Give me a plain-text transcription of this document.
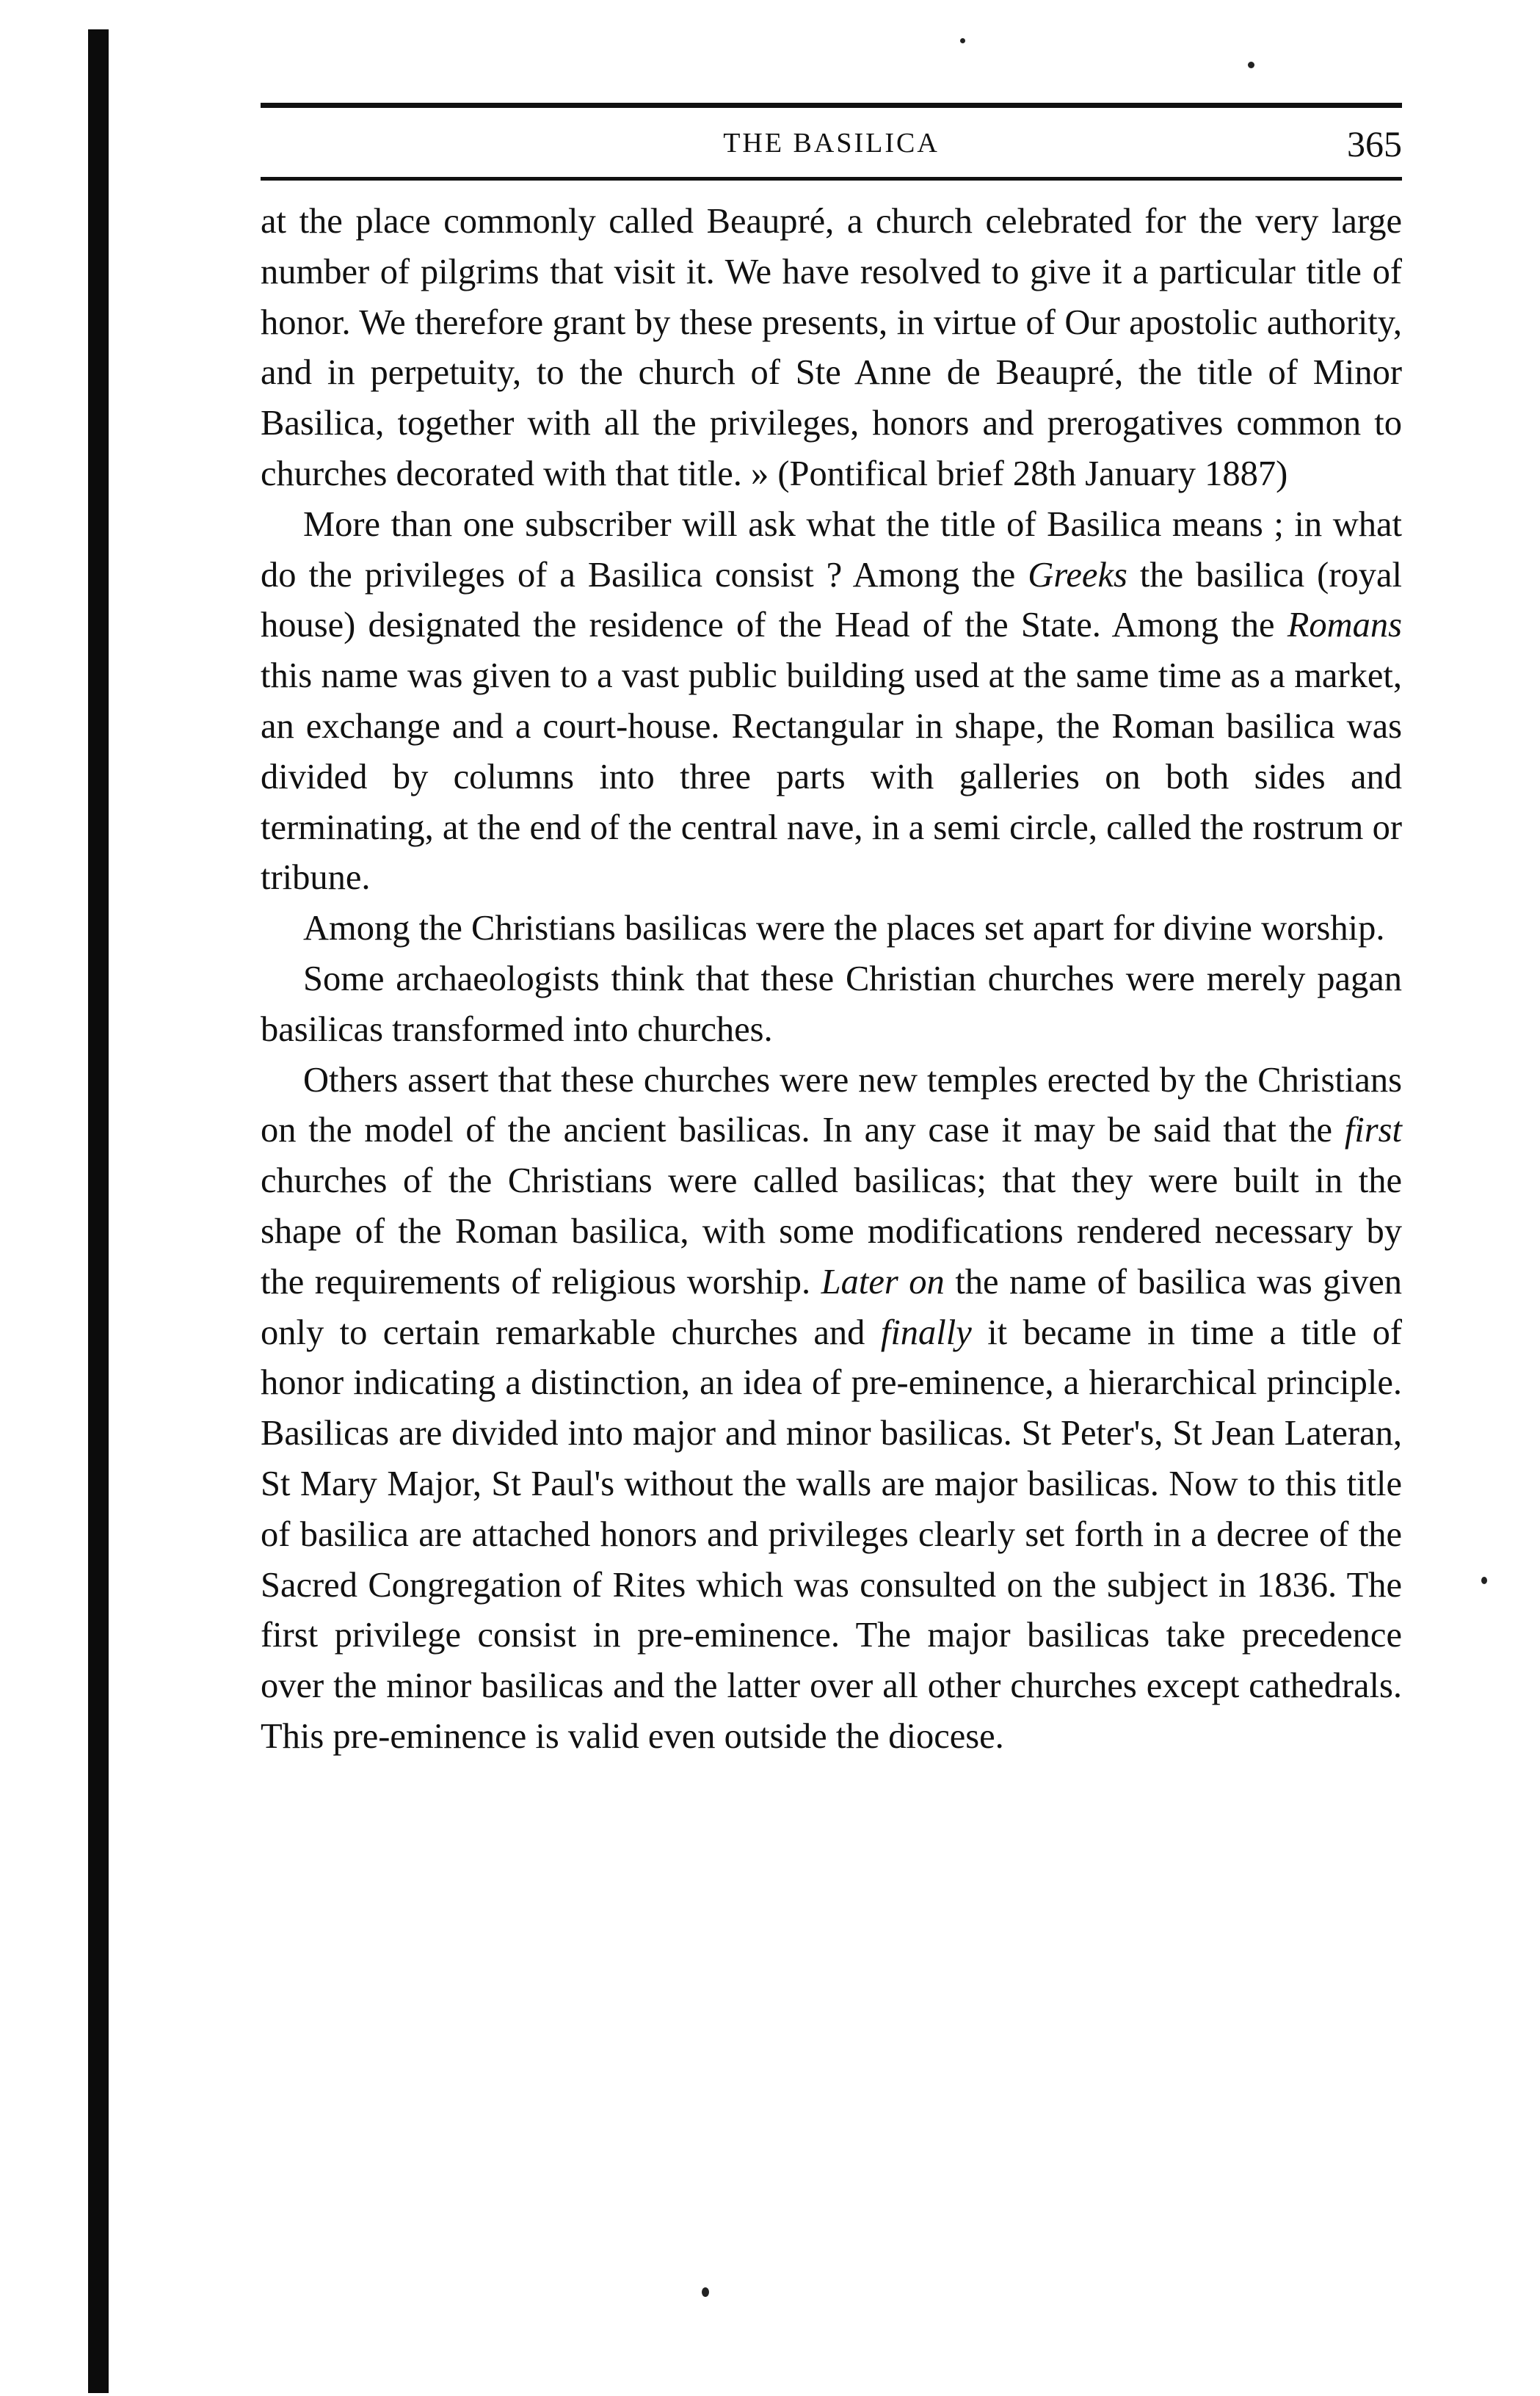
THE BASILICA	365

at the place commonly called Beaupré, a church celebrated for the very large number of pilgrims that visit it. We have resolved to give it a particular title of honor. We therefore grant by these presents, in virtue of Our apostolic authority, and in perpetuity, to the church of Ste Anne de Beaupré, the title of Minor Basilica, together with all the privileges, honors and prerogatives common to churches decorated with that title. » (Pontifical brief 28th January 1887)

More than one subscriber will ask what the title of Basilica means ; in what do the privileges of a Basilica consist ? Among the Greeks the basilica (royal house) designated the residence of the Head of the State. Among the Romans this name was given to a vast public building used at the same time as a market, an exchange and a court-house. Rectangular in shape, the Roman basilica was divided by columns into three parts with galleries on both sides and terminating, at the end of the central nave, in a semi circle, called the rostrum or tribune.

Among the Christians basilicas were the places set apart for divine worship.

Some archaeologists think that these Christian churches were merely pagan basilicas transformed into churches.

Others assert that these churches were new temples erected by the Christians on the model of the ancient basilicas. In any case it may be said that the first churches of the Christians were called basilicas; that they were built in the shape of the Roman basilica, with some modifications rendered necessary by the requirements of religious worship. Later on the name of basilica was given only to certain remarkable churches and finally it became in time a title of honor indicating a distinction, an idea of pre-eminence, a hierarchical principle. Basilicas are divided into major and minor basilicas. St Peter's, St Jean Lateran, St Mary Major, St Paul's without the walls are major basilicas. Now to this title of basilica are attached honors and privileges clearly set forth in a decree of the Sacred Congregation of Rites which was consulted on the subject in 1836. The first privilege consist in pre-eminence. The major basilicas take precedence over the minor basilicas and the latter over all other churches except cathedrals. This pre-eminence is valid even outside the diocese.
